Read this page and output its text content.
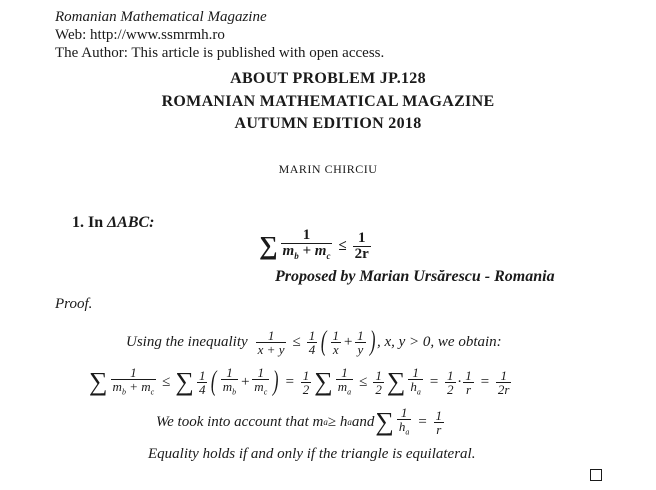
Romanian Mathematical Magazine
Web: http://www.ssmrmh.ro
The Author: This article is published with open access.
ABOUT PROBLEM JP.128
ROMANIAN MATHEMATICAL MAGAZINE
AUTUMN EDITION 2018
MARIN CHIRCIU
1. In ΔABC:
∑ $\frac{1}{m_b + m_c} \le \frac{1}{2r}$
Proposed by Marian Ursărescu - Romania
Proof.
Using the inequality $\frac{1}{x + y} \le \frac{1}{4}$ ( $\frac{1}{x} + \frac{1}{y}$ ) , x, y > 0, we obtain:
∑ $\frac{1}{m_b + m_c}$ ≤ ∑ $\frac{1}{4}$ ( $\frac{1}{m_b} + \frac{1}{m_c}$ ) = $\frac{1}{2}$ ∑ $\frac{1}{m_a} \le \frac{1}{2}$ ∑ $\frac{1}{h_a} = \frac{1}{2} \cdot \frac{1}{r} = \frac{1}{2r}$
We took into account that m a ≥ h a and ∑ $\frac{1}{h_a} = \frac{1}{r}$
Equality holds if and only if the triangle is equilateral.
